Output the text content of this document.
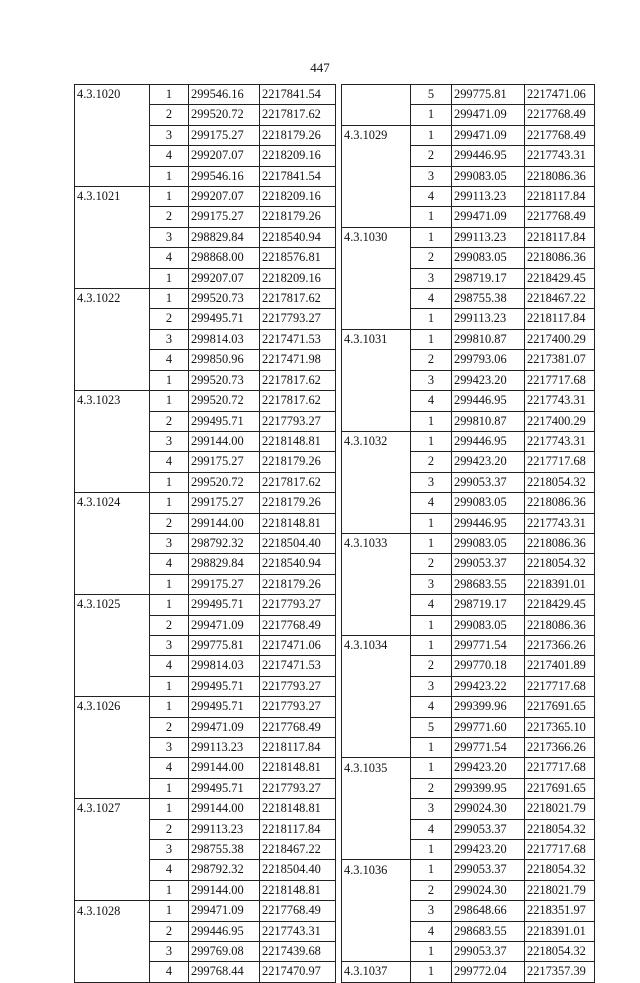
447
4.3.1020	1	299546.16	2217841.54
	2	299520.72	2217817.62
	3	299175.27	2218179.26
	4	299207.07	2218209.16
	1	299546.16	2217841.54
4.3.1021	1	299207.07	2218209.16
	2	299175.27	2218179.26
	3	298829.84	2218540.94
	4	298868.00	2218576.81
	1	299207.07	2218209.16
4.3.1022	1	299520.73	2217817.62
	2	299495.71	2217793.27
	3	299814.03	2217471.53
	4	299850.96	2217471.98
	1	299520.73	2217817.62
4.3.1023	1	299520.72	2217817.62
	2	299495.71	2217793.27
	3	299144.00	2218148.81
	4	299175.27	2218179.26
	1	299520.72	2217817.62
4.3.1024	1	299175.27	2218179.26
	2	299144.00	2218148.81
	3	298792.32	2218504.40
	4	298829.84	2218540.94
	1	299175.27	2218179.26
4.3.1025	1	299495.71	2217793.27
	2	299471.09	2217768.49
	3	299775.81	2217471.06
	4	299814.03	2217471.53
	1	299495.71	2217793.27
4.3.1026	1	299495.71	2217793.27
	2	299471.09	2217768.49
	3	299113.23	2218117.84
	4	299144.00	2218148.81
	1	299495.71	2217793.27
4.3.1027	1	299144.00	2218148.81
	2	299113.23	2218117.84
	3	298755.38	2218467.22
	4	298792.32	2218504.40
	1	299144.00	2218148.81
4.3.1028	1	299471.09	2217768.49
	2	299446.95	2217743.31
	3	299769.08	2217439.68
	4	299768.44	2217470.97
	5	299775.81	2217471.06
	1	299471.09	2217768.49
4.3.1029	1	299471.09	2217768.49
	2	299446.95	2217743.31
	3	299083.05	2218086.36
	4	299113.23	2218117.84
	1	299471.09	2217768.49
4.3.1030	1	299113.23	2218117.84
	2	299083.05	2218086.36
	3	298719.17	2218429.45
	4	298755.38	2218467.22
	1	299113.23	2218117.84
4.3.1031	1	299810.87	2217400.29
	2	299793.06	2217381.07
	3	299423.20	2217717.68
	4	299446.95	2217743.31
	1	299810.87	2217400.29
4.3.1032	1	299446.95	2217743.31
	2	299423.20	2217717.68
	3	299053.37	2218054.32
	4	299083.05	2218086.36
	1	299446.95	2217743.31
4.3.1033	1	299083.05	2218086.36
	2	299053.37	2218054.32
	3	298683.55	2218391.01
	4	298719.17	2218429.45
	1	299083.05	2218086.36
4.3.1034	1	299771.54	2217366.26
	2	299770.18	2217401.89
	3	299423.22	2217717.68
	4	299399.96	2217691.65
	5	299771.60	2217365.10
	1	299771.54	2217366.26
4.3.1035	1	299423.20	2217717.68
	2	299399.95	2217691.65
	3	299024.30	2218021.79
	4	299053.37	2218054.32
	1	299423.20	2217717.68
4.3.1036	1	299053.37	2218054.32
	2	299024.30	2218021.79
	3	298648.66	2218351.97
	4	298683.55	2218391.01
	1	299053.37	2218054.32
4.3.1037	1	299772.04	2217357.39
